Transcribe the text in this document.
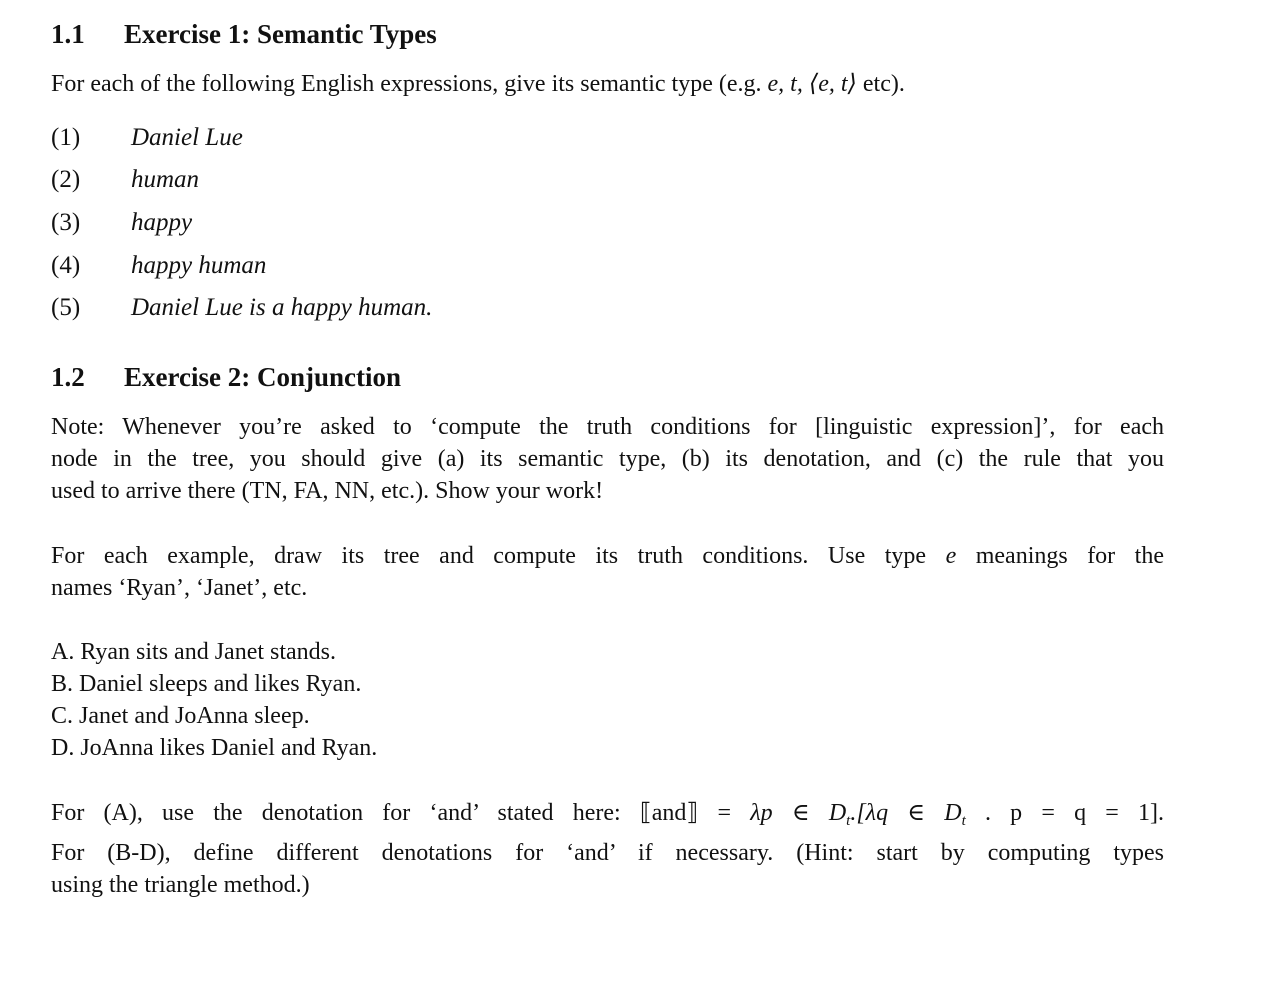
1.1 Exercise 1: Semantic Types
For each of the following English expressions, give its semantic type (e.g. e, t, ⟨e, t⟩ etc).
(1) Daniel Lue
(2) human
(3) happy
(4) happy human
(5) Daniel Lue is a happy human.
1.2 Exercise 2: Conjunction
Note: Whenever you’re asked to ‘compute the truth conditions for [linguistic expression]’, for each
node in the tree, you should give (a) its semantic type, (b) its denotation, and (c) the rule that you
used to arrive there (TN, FA, NN, etc.). Show your work!
For each example, draw its tree and compute its truth conditions. Use type e meanings for the
names ‘Ryan’, ‘Janet’, etc.
A. Ryan sits and Janet stands.
B. Daniel sleeps and likes Ryan.
C. Janet and JoAnna sleep.
D. JoAnna likes Daniel and Ryan.
For (A), use the denotation for ‘and’ stated here: ⟦and⟧ = λp ∈ $D_t.[\lambda q$ ∈ $D_t$ . p = q = 1].
For (B-D), define different denotations for ‘and’ if necessary. (Hint: start by computing types
using the triangle method.)
